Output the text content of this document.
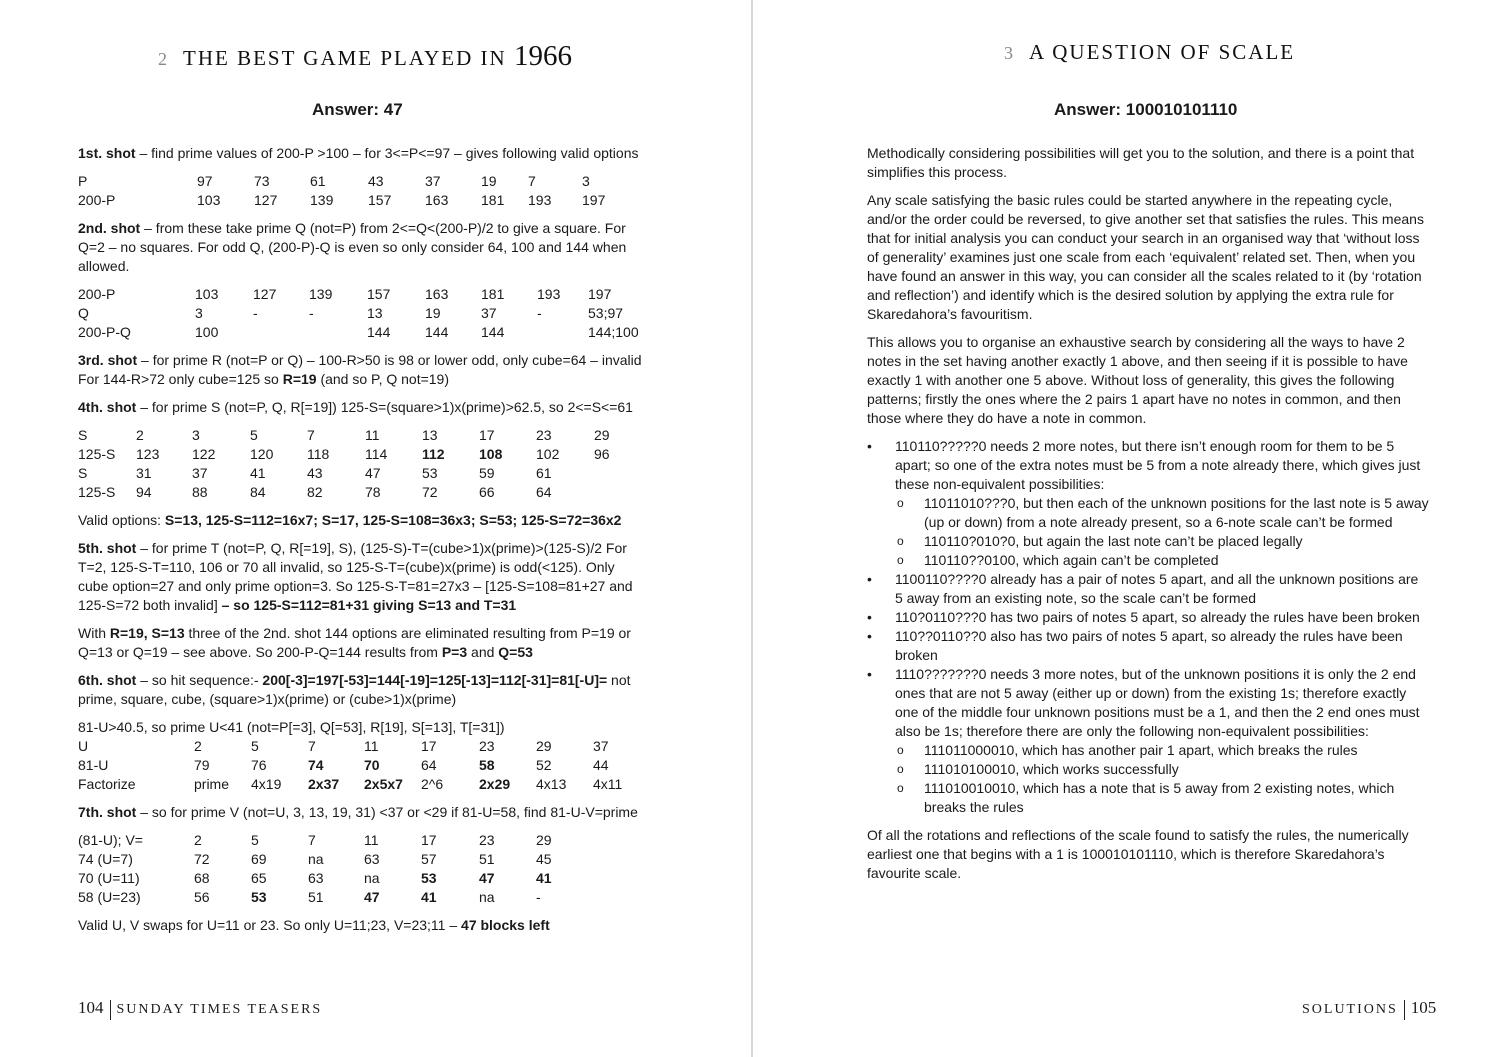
2 THE BEST GAME PLAYED IN 1966
Answer: 47

1st. shot – find prime values of 200-P >100 – for 3<=P<=97 – gives following valid options

P	97	73	61	43	37	19	7	3
200-P	103	127	139	157	163	181	193	197

2nd. shot – from these take prime Q (not=P) from 2<=Q<(200-P)/2 to give a square. For Q=2 – no squares. For odd Q, (200-P)-Q is even so only consider 64, 100 and 144 when allowed.

200-P	103	127	139	157	163	181	193	197
Q	3	-	-	13	19	37	-	53;97
200-P-Q	100			144	144	144		144;100

3rd. shot – for prime R (not=P or Q) – 100-R>50 is 98 or lower odd, only cube=64 – invalid
For 144-R>72 only cube=125 so R=19 (and so P, Q not=19)

4th. shot – for prime S (not=P, Q, R[=19]) 125-S=(square>1)x(prime)>62.5, so 2<=S<=61

S	2	3	5	7	11	13	17	23	29
125-S	123	122	120	118	114	112	108	102	96
S	31	37	41	43	47	53	59	61	
125-S	94	88	84	82	78	72	66	64	

Valid options: S=13, 125-S=112=16x7; S=17, 125-S=108=36x3; S=53; 125-S=72=36x2

5th. shot – for prime T (not=P, Q, R[=19], S), (125-S)-T=(cube>1)x(prime)>(125-S)/2 For T=2, 125-S-T=110, 106 or 70 all invalid, so 125-S-T=(cube)x(prime) is odd(<125). Only cube option=27 and only prime option=3. So 125-S-T=81=27x3 – [125-S=108=81+27 and 125-S=72 both invalid] – so 125-S=112=81+31 giving S=13 and T=31

With R=19, S=13 three of the 2nd. shot 144 options are eliminated resulting from P=19 or Q=13 or Q=19 – see above. So 200-P-Q=144 results from P=3 and Q=53

6th. shot – so hit sequence:- 200[-3]=197[-53]=144[-19]=125[-13]=112[-31]=81[-U]= not prime, square, cube, (square>1)x(prime) or (cube>1)x(prime)

81-U>40.5, so prime U<41 (not=P[=3], Q[=53], R[19], S[=13], T[=31])
U	2	5	7	11	17	23	29	37
81-U	79	76	74	70	64	58	52	44
Factorize	prime	4x19	2x37	2x5x7	2^6	2x29	4x13	4x11

7th. shot – so for prime V (not=U, 3, 13, 19, 31) <37 or <29 if 81-U=58, find 81-U-V=prime

(81-U); V=	2	5	7	11	17	23	29
74 (U=7)	72	69	na	63	57	51	45
70 (U=11)	68	65	63	na	53	47	41
58 (U=23)	56	53	51	47	41	na	-

Valid U, V swaps for U=11 or 23. So only U=11;23, V=23;11 – 47 blocks left

104 SUNDAY TIMES TEASERS
3 A QUESTION OF SCALE
Answer: 100010101110

Methodically considering possibilities will get you to the solution, and there is a point that simplifies this process.

Any scale satisfying the basic rules could be started anywhere in the repeating cycle, and/or the order could be reversed, to give another set that satisfies the rules. This means that for initial analysis you can conduct your search in an organised way that ‘without loss of generality’ examines just one scale from each ‘equivalent’ related set. Then, when you have found an answer in this way, you can consider all the scales related to it (by ‘rotation and reflection’) and identify which is the desired solution by applying the extra rule for Skaredahora’s favouritism.

This allows you to organise an exhaustive search by considering all the ways to have 2 notes in the set having another exactly 1 above, and then seeing if it is possible to have exactly 1 with another one 5 above. Without loss of generality, this gives the following patterns; firstly the ones where the 2 pairs 1 apart have no notes in common, and then those where they do have a note in common.

• 110110?????0 needs 2 more notes, but there isn’t enough room for them to be 5 apart; so one of the extra notes must be 5 from a note already there, which gives just these non-equivalent possibilities:
o 110110‌10???0, but then each of the unknown positions for the last note is 5 away (up or down) from a note already present, so a 6-note scale can’t be formed
o 110110?010?0, but again the last note can’t be placed legally
o 110110??0100, which again can’t be completed
• 1100110????0 already has a pair of notes 5 apart, and all the unknown positions are 5 away from an existing note, so the scale can’t be formed
• 110?0110???0 has two pairs of notes 5 apart, so already the rules have been broken
• 110??0110??0 also has two pairs of notes 5 apart, so already the rules have been broken
• 1110???????0 needs 3 more notes, but of the unknown positions it is only the 2 end ones that are not 5 away (either up or down) from the existing 1s; therefore exactly one of the middle four unknown positions must be a 1, and then the 2 end ones must also be 1s; therefore there are only the following non-equivalent possibilities:
o 111011000010, which has another pair 1 apart, which breaks the rules
o 111010100010, which works successfully
o 111010010010, which has a note that is 5 away from 2 existing notes, which breaks the rules

Of all the rotations and reflections of the scale found to satisfy the rules, the numerically earliest one that begins with a 1 is 100010101110, which is therefore Skaredahora’s favourite scale.

SOLUTIONS 105
